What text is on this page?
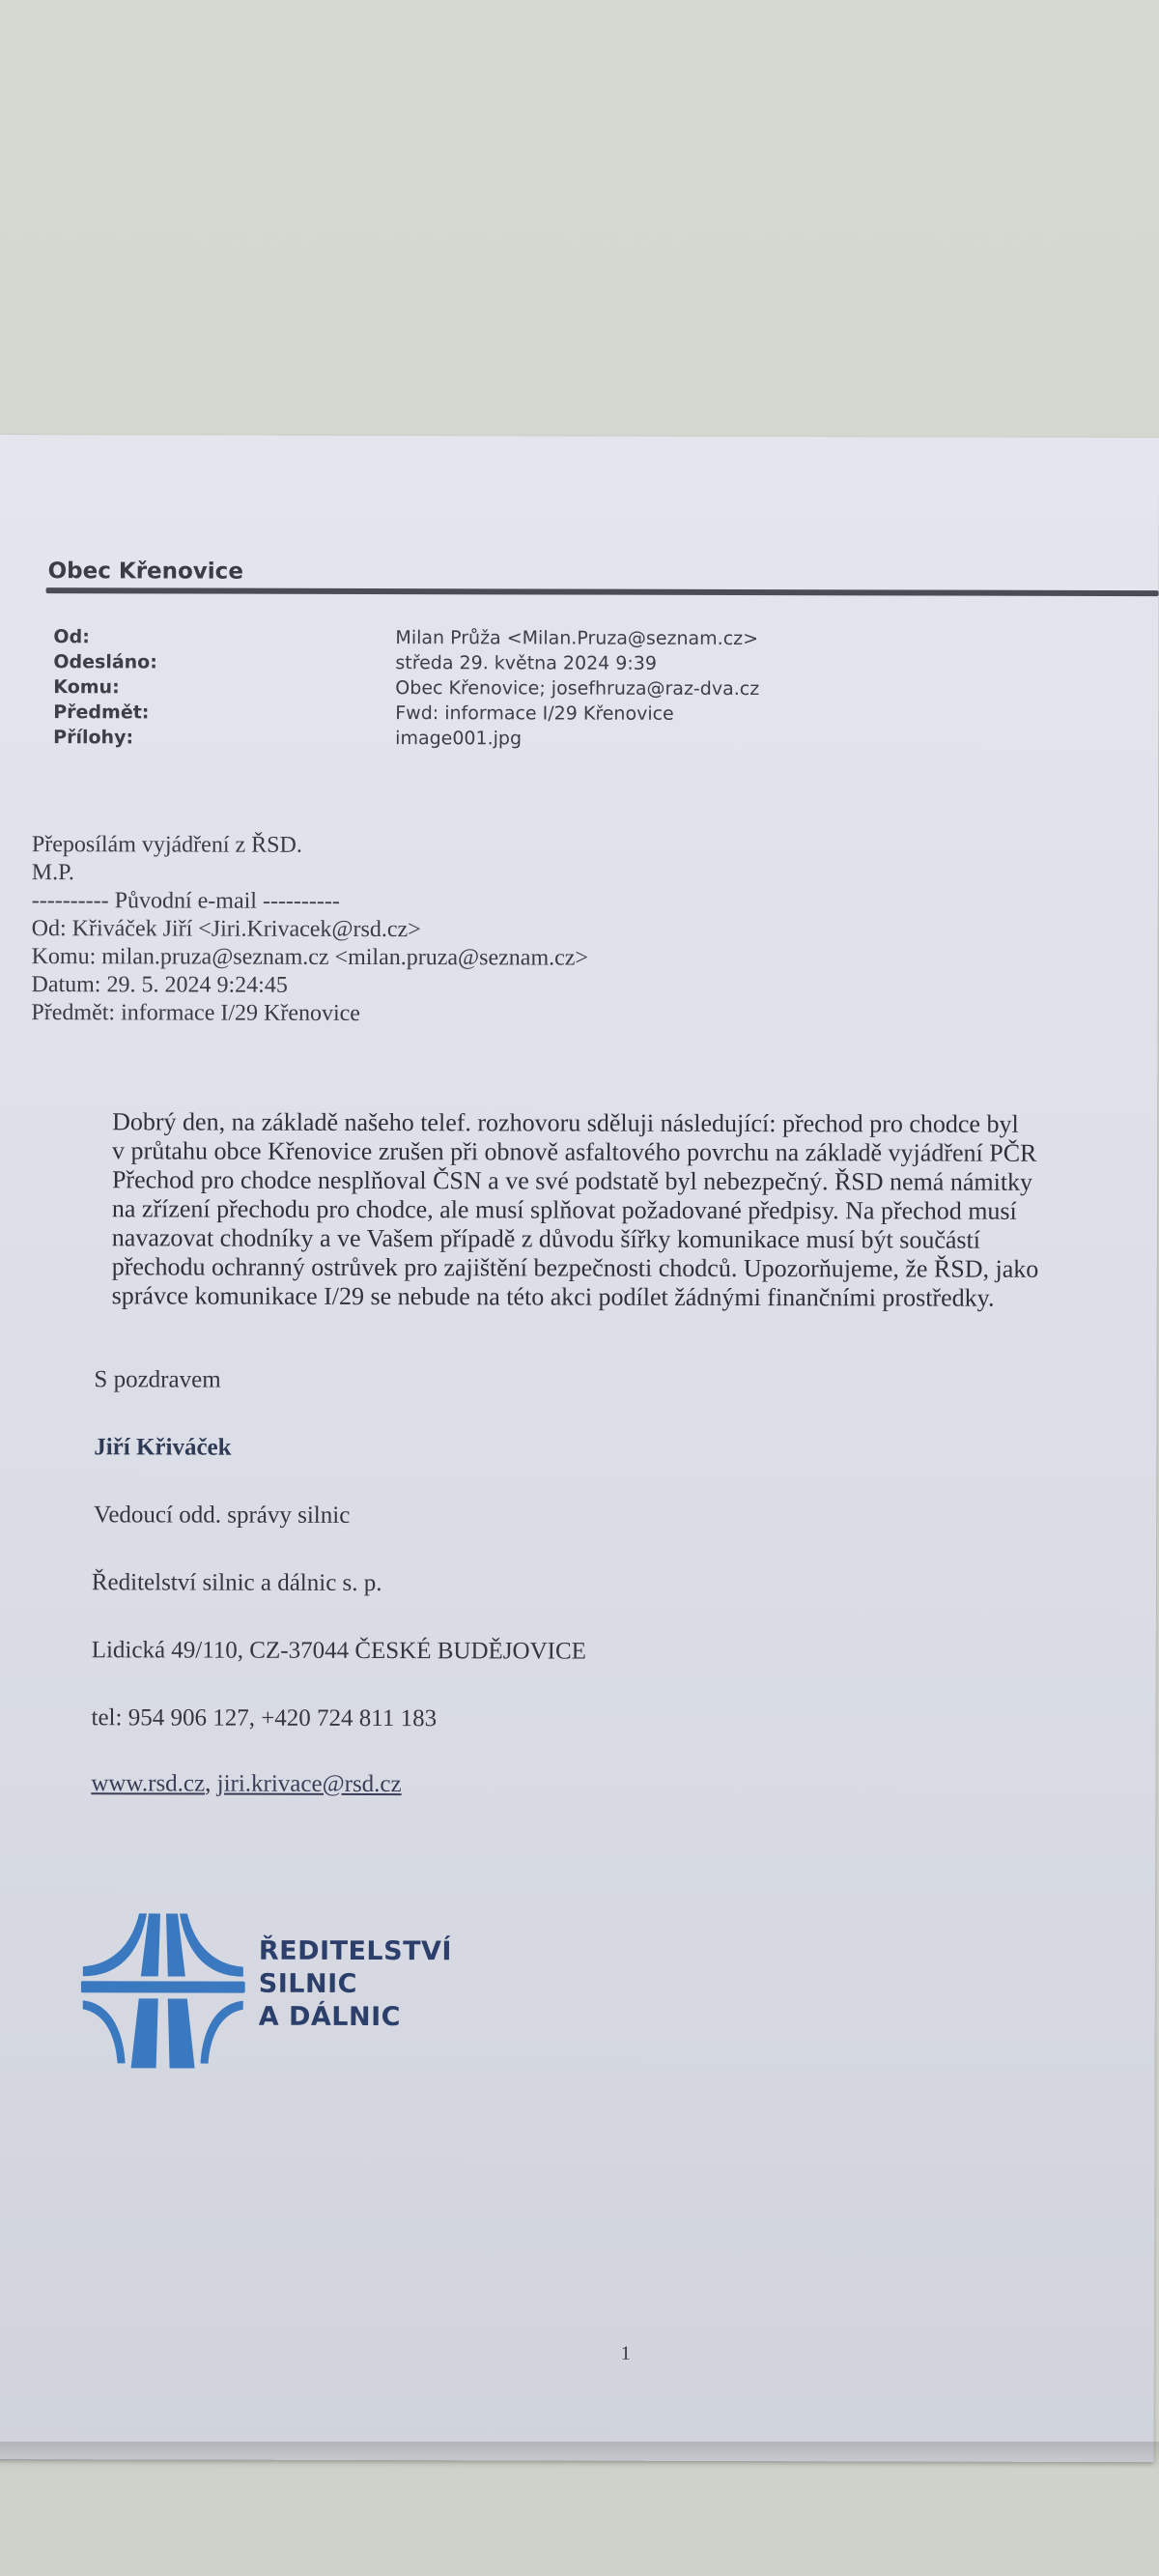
Obec Křenovice
Od:	Milan Průža <Milan.Pruza@seznam.cz>
Odesláno:	středa 29. května 2024 9:39
Komu:	Obec Křenovice; josefhruza@raz-dva.cz
Předmět:	Fwd: informace I/29 Křenovice
Přílohy:	image001.jpg
Přeposílám vyjádření z ŘSD.
M.P.
---------- Původní e-mail ----------
Od: Křiváček Jiří <Jiri.Krivacek@rsd.cz>
Komu: milan.pruza@seznam.cz <milan.pruza@seznam.cz>
Datum: 29. 5. 2024 9:24:45
Předmět: informace I/29 Křenovice
Dobrý den, na základě našeho telef. rozhovoru sděluji následující: přechod pro chodce byl
v průtahu obce Křenovice zrušen při obnově asfaltového povrchu na základě vyjádření PČR
Přechod pro chodce nesplňoval ČSN a ve své podstatě byl nebezpečný. ŘSD nemá námitky
na zřízení přechodu pro chodce, ale musí splňovat požadované předpisy. Na přechod musí
navazovat chodníky a ve Vašem případě z důvodu šířky komunikace musí být součástí
přechodu ochranný ostrůvek pro zajištění bezpečnosti chodců. Upozorňujeme, že ŘSD, jako
správce komunikace I/29 se nebude na této akci podílet žádnými finančními prostředky.
S pozdravem
Jiří Křiváček
Vedoucí odd. správy silnic
Ředitelství silnic a dálnic s. p.
Lidická 49/110, CZ-37044 ČESKÉ BUDĚJOVICE
tel: 954 906 127, +420 724 811 183
www.rsd.cz, jiri.krivace@rsd.cz
ŘEDITELSTVÍ
SILNIC
A DÁLNIC
1
